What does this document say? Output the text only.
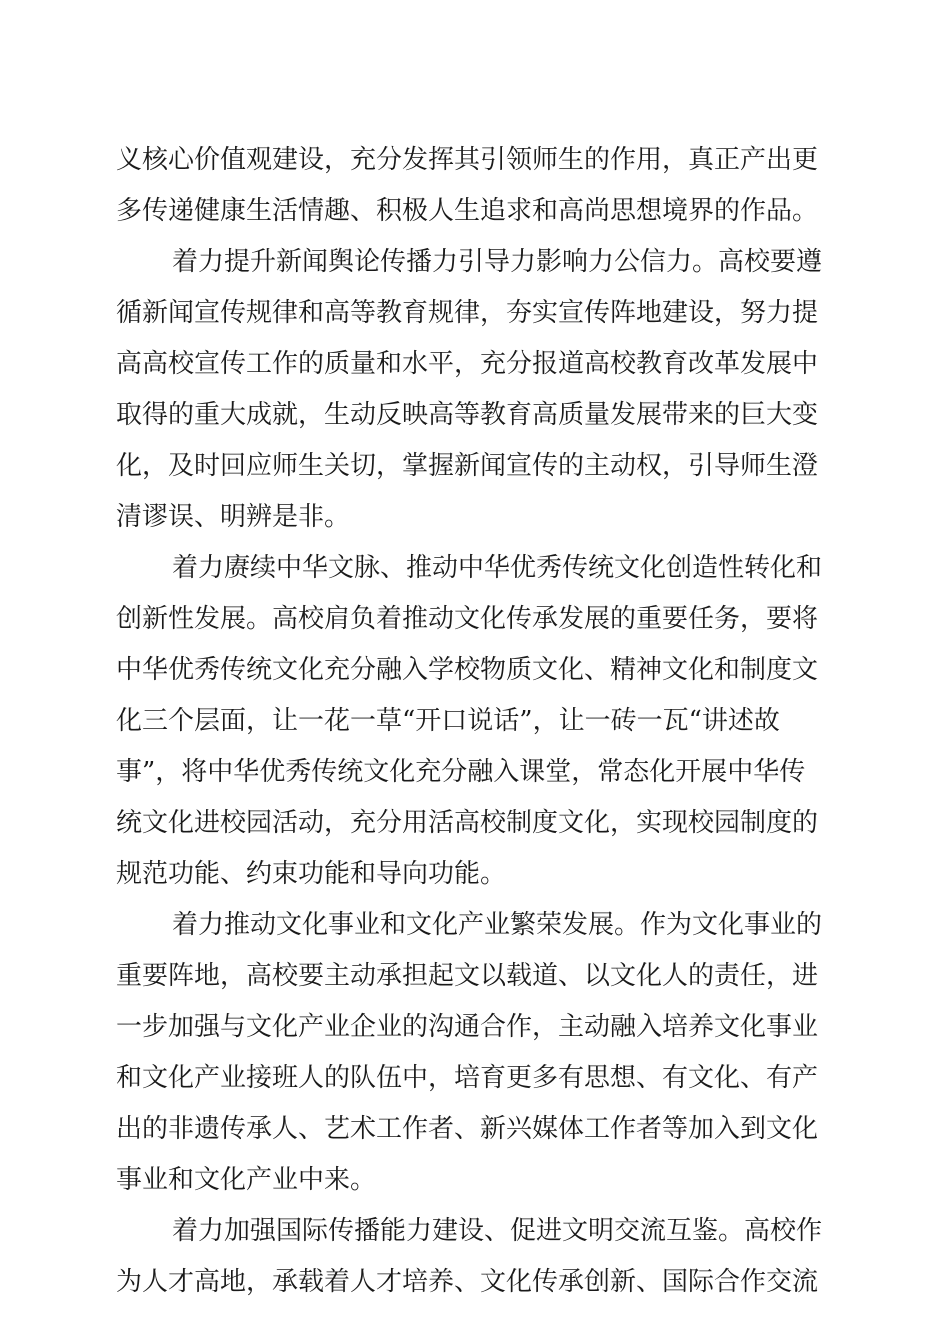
义核心价值观建设，充分发挥其引领师生的作用，真正产出更
多传递健康生活情趣、积极人生追求和高尚思想境界的作品。
着力提升新闻舆论传播力引导力影响力公信力。高校要遵
循新闻宣传规律和高等教育规律，夯实宣传阵地建设，努力提
高高校宣传工作的质量和水平，充分报道高校教育改革发展中
取得的重大成就，生动反映高等教育高质量发展带来的巨大变
化，及时回应师生关切，掌握新闻宣传的主动权，引导师生澄
清谬误、明辨是非。
着力赓续中华文脉、推动中华优秀传统文化创造性转化和
创新性发展。高校肩负着推动文化传承发展的重要任务，要将
中华优秀传统文化充分融入学校物质文化、精神文化和制度文
化三个层面，让一花一草“开口说话”，让一砖一瓦“讲述故
事”，将中华优秀传统文化充分融入课堂，常态化开展中华传
统文化进校园活动，充分用活高校制度文化，实现校园制度的
规范功能、约束功能和导向功能。
着力推动文化事业和文化产业繁荣发展。作为文化事业的
重要阵地，高校要主动承担起文以载道、以文化人的责任，进
一步加强与文化产业企业的沟通合作，主动融入培养文化事业
和文化产业接班人的队伍中，培育更多有思想、有文化、有产
出的非遗传承人、艺术工作者、新兴媒体工作者等加入到文化
事业和文化产业中来。
着力加强国际传播能力建设、促进文明交流互鉴。高校作
为人才高地，承载着人才培养、文化传承创新、国际合作交流
